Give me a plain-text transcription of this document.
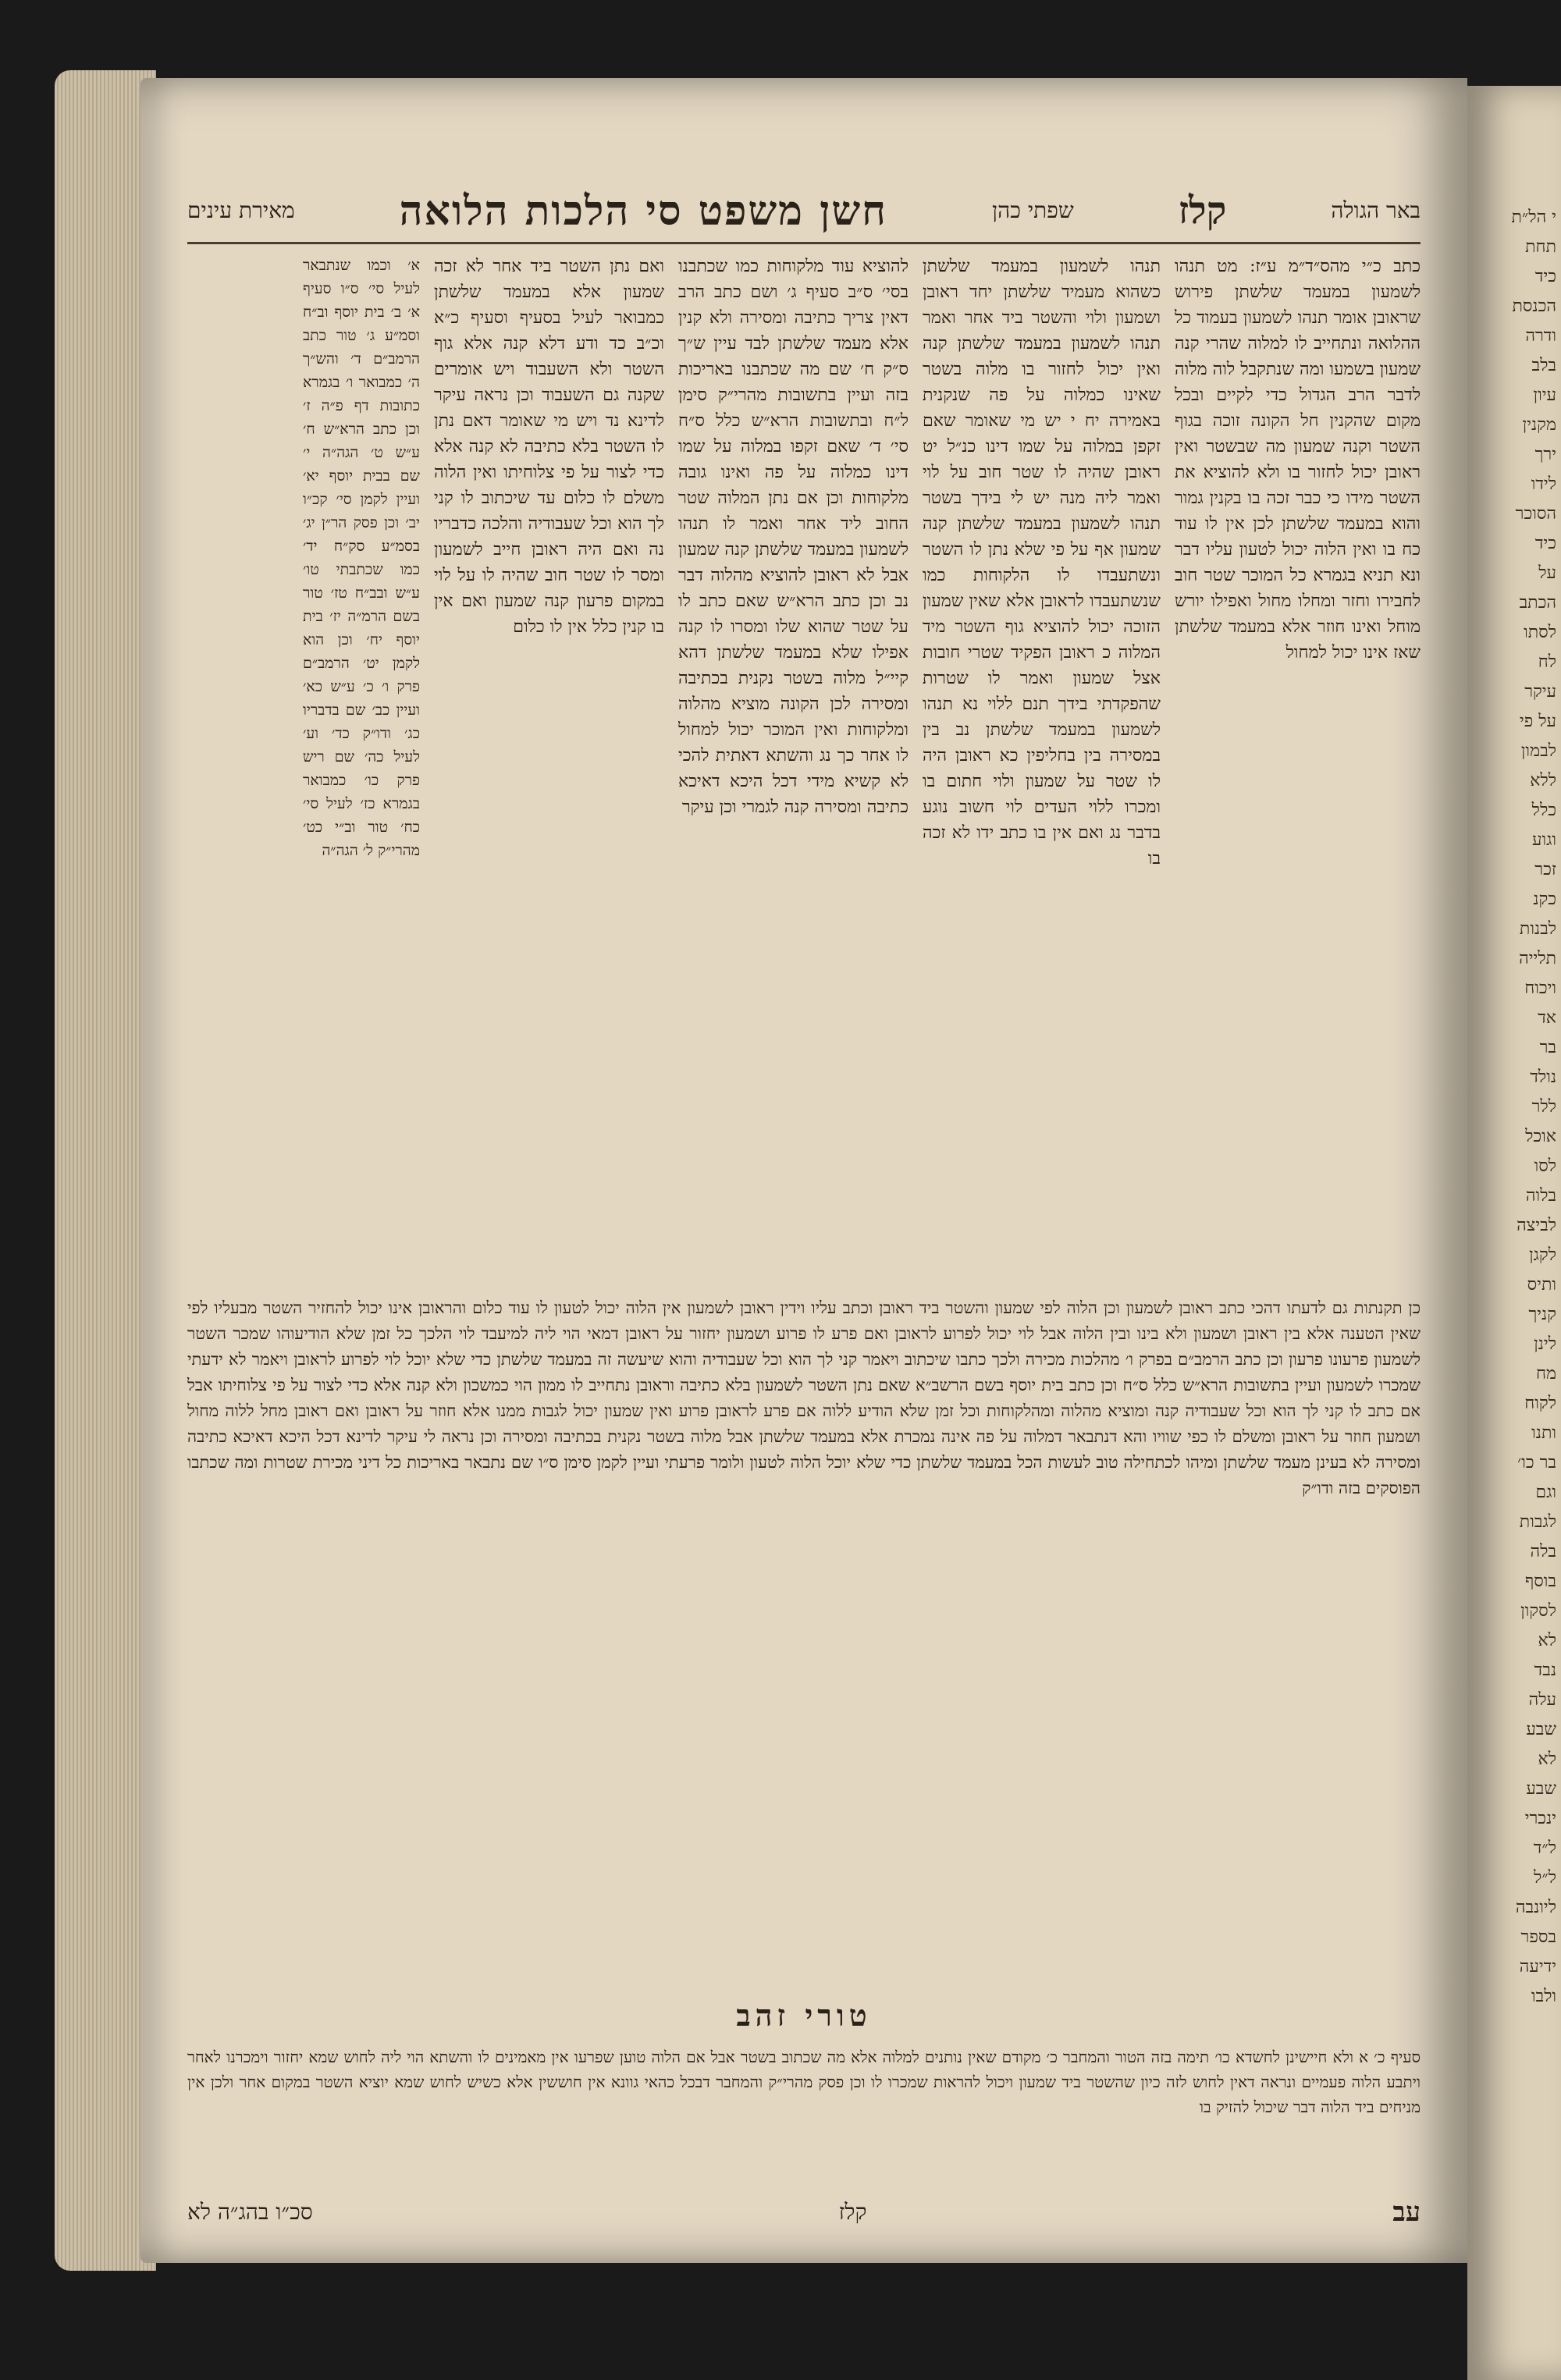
באר הגולה
קלז
שפתי כהן
חשן משפט סי הלכות הלואה
מאירת עינים

כתב כ״י מהס״ד״מ ע״ז: מט תנהו לשמעון במעמד שלשתן פירוש שראובן אומר תנהו לשמעון בעמוד כל ההלואה ונתחייב לו למלוה שהרי קנה שמעון בשמעו ומה שנתקבל לוה מלוה לדבר הרב הגדול כדי לקיים ובכל מקום שהקנין חל הקונה זוכה בגוף השטר וקנה שמעון מה שבשטר ואין ראובן יכול לחזור בו ולא להוציא את השטר מידו כי כבר זכה בו בקנין גמור והוא במעמד שלשתן לכן אין לו עוד כח בו ואין הלוה יכול לטעון עליו דבר ונא תניא בגמרא כל המוכר שטר חוב לחבירו וחזר ומחלו מחול ואפילו יורש מוחל ואינו חוזר אלא במעמד שלשתן שאז אינו יכול למחול

תנהו לשמעון במעמד שלשתן כשהוא מעמיד שלשתן יחד ראובן ושמעון ולוי והשטר ביד אחר ואמר תנהו לשמעון במעמד שלשתן קנה ואין יכול לחזור בו מלוה בשטר שאינו כמלוה על פה שנקנית באמירה יח י יש מי שאומר שאם זקפן במלוה על שמו דינו כנ״ל יט ראובן שהיה לו שטר חוב על לוי ואמר ליה מנה יש לי בידך בשטר תנהו לשמעון במעמד שלשתן קנה שמעון אף על פי שלא נתן לו השטר ונשתעבדו לו הלקוחות כמו שנשתעבדו לראובן אלא שאין שמעון הזוכה יכול להוציא גוף השטר מיד המלוה כ ראובן הפקיד שטרי חובות אצל שמעון ואמר לו שטרות שהפקדתי בידך תנם ללוי נא תנהו לשמעון במעמד שלשתן נב בין במסירה בין בחליפין כא ראובן היה לו שטר על שמעון ולוי חתום בו ומכרו ללוי העדים לוי חשוב נוגע בדבר נג ואם אין בו כתב ידו לא זכה בו

להוציא עוד מלקוחות כמו שכתבנו בסי׳ ס״ב סעיף ג׳ ושם כתב הרב דאין צריך כתיבה ומסירה ולא קנין אלא מעמד שלשתן לבד עיין ש״ך ס״ק ח׳ שם מה שכתבנו באריכות בזה ועיין בתשובות מהרי״ק סימן ל״ח ובתשובות הרא״ש כלל ס״ח סי׳ ד׳ שאם זקפו במלוה על שמו דינו כמלוה על פה ואינו גובה מלקוחות וכן אם נתן המלוה שטר החוב ליד אחר ואמר לו תנהו לשמעון במעמד שלשתן קנה שמעון אבל לא ראובן להוציא מהלוה דבר נב וכן כתב הרא״ש שאם כתב לו על שטר שהוא שלו ומסרו לו קנה אפילו שלא במעמד שלשתן דהא קיי״ל מלוה בשטר נקנית בכתיבה ומסירה לכן הקונה מוציא מהלוה ומלקוחות ואין המוכר יכול למחול לו אחר כך נג והשתא דאתית להכי לא קשיא מידי דכל היכא דאיכא כתיבה ומסירה קנה לגמרי וכן עיקר

ואם נתן השטר ביד אחר לא זכה שמעון אלא במעמד שלשתן כמבואר לעיל בסעיף וסעיף כ״א וכ״ב כד ודע דלא קנה אלא גוף השטר ולא השעבוד ויש אומרים שקנה גם השעבוד וכן נראה עיקר לדינא נד ויש מי שאומר דאם נתן לו השטר בלא כתיבה לא קנה אלא כדי לצור על פי צלוחיתו ואין הלוה משלם לו כלום עד שיכתוב לו קני לך הוא וכל שעבודיה והלכה כדבריו נה ואם היה ראובן חייב לשמעון ומסר לו שטר חוב שהיה לו על לוי במקום פרעון קנה שמעון ואם אין בו קנין כלל אין לו כלום

א׳ וכמו שנתבאר לעיל סי׳ ס״ו סעיף א׳ ב׳ בית יוסף וב״ח וסמ״ע ג׳ טור כתב הרמב״ם ד׳ והש״ך ה׳ כמבואר ו׳ בגמרא כתובות דף פ״ה ז׳ וכן כתב הרא״ש ח׳ ע״ש ט׳ הגה״ה י׳ שם בבית יוסף יא׳ ועיין לקמן סי׳ קכ״ו יב׳ וכן פסק הר״ן יג׳ בסמ״ע סק״ח יד׳ כמו שכתבתי טו׳ ע״ש ובב״ח טז׳ טור בשם הרמ״ה יז׳ בית יוסף יח׳ וכן הוא לקמן יט׳ הרמב״ם פרק ו׳ כ׳ ע״ש כא׳ ועיין כב׳ שם בדבריו כג׳ ודו״ק כד׳ וע׳ לעיל כה׳ שם ריש פרק כו׳ כמבואר בגמרא כז׳ לעיל סי׳ כח׳ טור וב״י כט׳ מהרי״ק ל׳ הגה״ה

כן תקנתות גם לדעתו דהכי כתב ראובן לשמעון וכן הלוה לפי שמעון והשטר ביד ראובן וכתב עליו וידין ראובן לשמעון אין הלוה יכול לטעון לו עוד כלום והראובן אינו יכול להחזיר השטר מבעליו לפי שאין הטענה אלא בין ראובן ושמעון ולא בינו ובין הלוה אבל לוי יכול לפרוע לראובן ואם פרע לו פרוע ושמעון יחזור על ראובן דמאי הוי ליה למיעבד לוי הלכך כל זמן שלא הודיעוהו שמכר השטר לשמעון פרעונו פרעון וכן כתב הרמב״ם בפרק ו׳ מהלכות מכירה ולכך כתבו שיכתוב ויאמר קני לך הוא וכל שעבודיה והוא שיעשה זה במעמד שלשתן כדי שלא יוכל לוי לפרוע לראובן ויאמר לא ידעתי שמכרו לשמעון ועיין בתשובות הרא״ש כלל ס״ח וכן כתב בית יוסף בשם הרשב״א שאם נתן השטר לשמעון בלא כתיבה וראובן נתחייב לו ממון הוי כמשכון ולא קנה אלא כדי לצור על פי צלוחיתו אבל אם כתב לו קני לך הוא וכל שעבודיה קנה ומוציא מהלוה ומהלקוחות וכל זמן שלא הודיע ללוה אם פרע לראובן פרוע ואין שמעון יכול לגבות ממנו אלא חוזר על ראובן ואם ראובן מחל ללוה מחול ושמעון חוזר על ראובן ומשלם לו כפי שוויו והא דנתבאר דמלוה על פה אינה נמכרת אלא במעמד שלשתן אבל מלוה בשטר נקנית בכתיבה ומסירה וכן נראה לי עיקר לדינא דכל היכא דאיכא כתיבה ומסירה לא בעינן מעמד שלשתן ומיהו לכתחילה טוב לעשות הכל במעמד שלשתן כדי שלא יוכל הלוה לטעון ולומר פרעתי ועיין לקמן סימן ס״ו שם נתבאר באריכות כל דיני מכירת שטרות ומה שכתבו הפוסקים בזה ודו״ק

טורי זהב

סעיף כ׳ א ולא חיישינן לחשדא כו׳ תימה בזה הטור והמחבר כ׳ מקודם שאין נותנים למלוה אלא מה שכתוב בשטר אבל אם הלוה טוען שפרעו אין מאמינים לו והשתא הוי ליה לחוש שמא יחזור וימכרנו לאחר ויתבע הלוה פעמיים ונראה דאין לחוש לזה כיון שהשטר ביד שמעון ויכול להראות שמכרו לו וכן פסק מהרי״ק והמחבר דבכל כהאי גוונא אין חוששין אלא כשיש לחוש שמא יוציא השטר במקום אחר ולכן אין מניחים ביד הלוה דבר שיכול להזיק בו

עב
קלז
סכ״ו בהג״ה לא
י הל״ת
תחת
כיד
הכנסת
ודרה
בלב
עיון
מקנין
ירך
לידו
הסוכר
כיד
על
הכתב
לסתו
לח
עיקר
על פי
לבמון
ללא
כלל
וגוע
זכר
כקנ
לבנות
תלייה
ויכוח
אד
בר
נולד
ללר
אוכל
לסו
בלוה
לביצה
לקגן
ותיס
קניך
לינן
מח
לקוח
ותנו
בר כו׳
וגם
לגבות
בלה
בוסף
לסקון
לא
נבד
עלה
שבע
לא
שבע
ינכרי
ל״ד
ל״ל
ליונבה
בספר
ידיעה
ולבו
